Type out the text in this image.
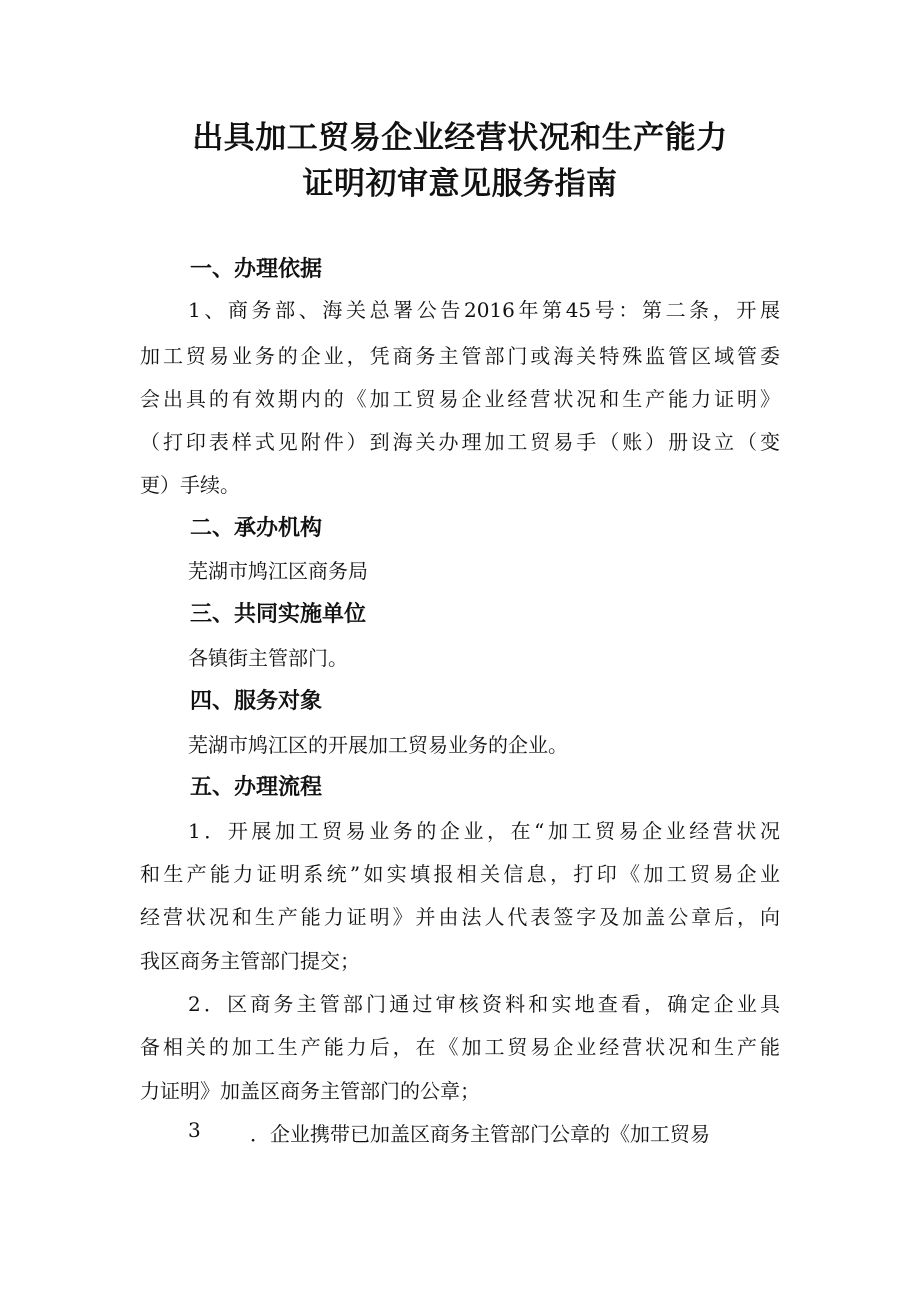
出具加工贸易企业经营状况和生产能力
证明初审意见服务指南
一、办理依据
1、商务部、海关总署公告2016年第45号：第二条，开展
加工贸易业务的企业，凭商务主管部门或海关特殊监管区域管委
会出具的有效期内的《加工贸易企业经营状况和生产能力证明》
（打印表样式见附件）到海关办理加工贸易手（账）册设立（变
更）手续。
二、承办机构
芜湖市鸠江区商务局
三、共同实施单位
各镇街主管部门。
四、服务对象
芜湖市鸠江区的开展加工贸易业务的企业。
五、办理流程
1．开展加工贸易业务的企业，在“加工贸易企业经营状况
和生产能力证明系统”如实填报相关信息，打印《加工贸易企业
经营状况和生产能力证明》并由法人代表签字及加盖公章后，向
我区商务主管部门提交；
2．区商务主管部门通过审核资料和实地查看，确定企业具
备相关的加工生产能力后，在《加工贸易企业经营状况和生产能
力证明》加盖区商务主管部门的公章；
3 ．企业携带已加盖区商务主管部门公章的《加工贸易
